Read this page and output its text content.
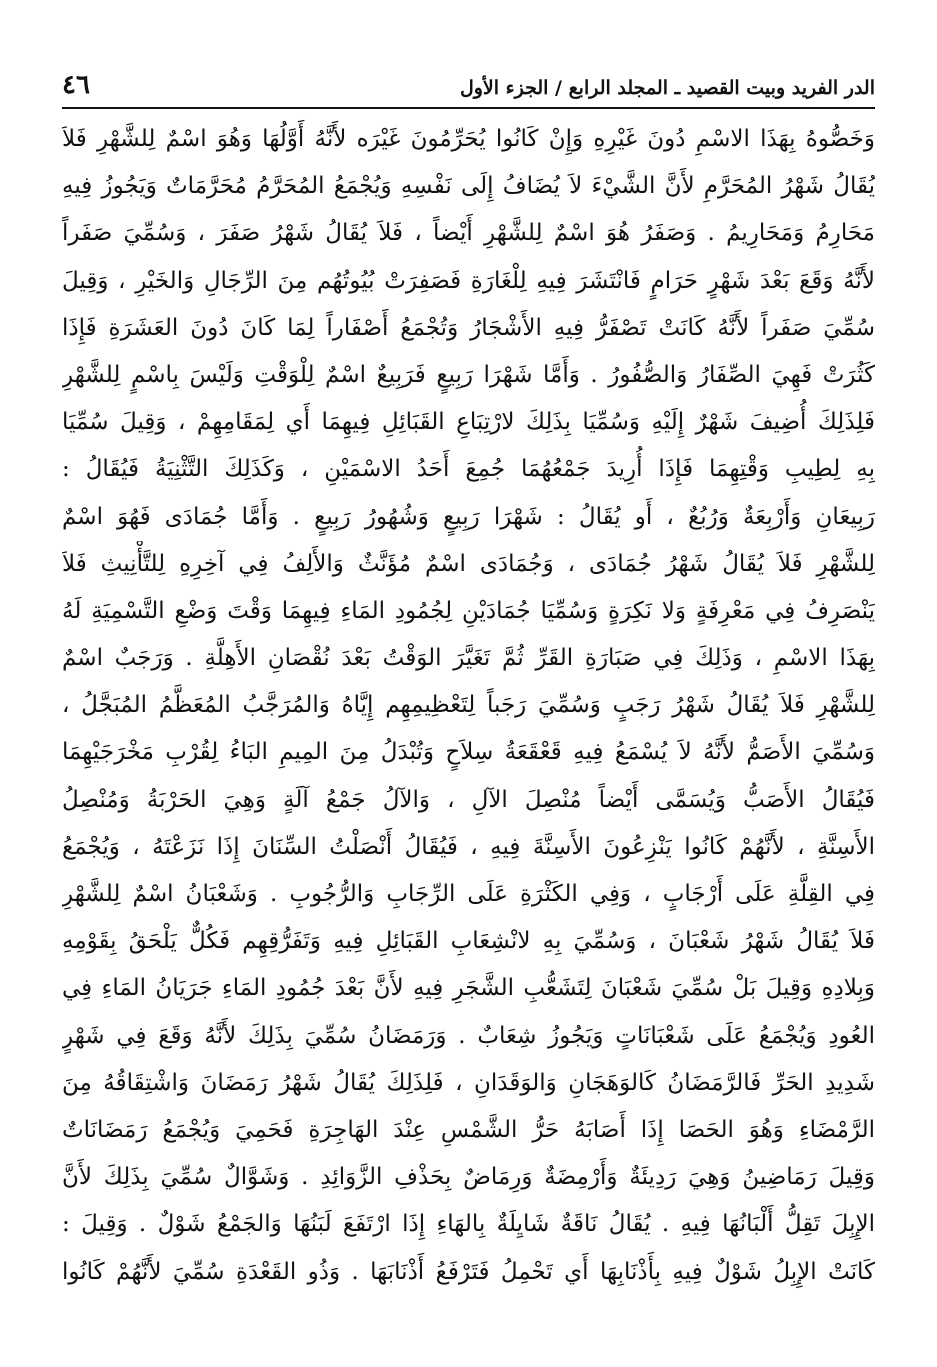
الدر الفريد وبيت القصيد ـ المجلد الرابع / الجزء الأول
٤٦
وَخَصُّوهُ بِهَذَا الاسْمِ دُونَ غَيْرِهِ وَإِنْ كَانُوا يُحَرِّمُونَ غَيْرَه لأَنَّهُ أَوَّلُهَا وَهُوَ اسْمٌ لِلشَّهْرِ فَلاَ
يُقَالُ شَهْرُ المُحَرَّمِ لأَنَّ الشَّيْءَ لاَ يُضَافُ إِلَى نَفْسِهِ وَيُجْمَعُ المُحَرَّمُ مُحَرَّمَاتٌ وَيَجُوزُ فِيهِ
مَحَارِمُ وَمَحَارِيمُ . وَصَفَرُ هُوَ اسْمٌ لِلشَّهْرِ أَيْضاً ، فَلاَ يُقَالُ شَهْرُ صَفَرَ ، وَسُمِّيَ صَفَراً
لأَنَّهُ وَقَعَ بَعْدَ شَهْرٍ حَرَامٍ فَانْتَشَرَ فِيهِ لِلْغَارَةِ فَصَفِرَتْ بُيُوتُهُم مِنَ الرِّجَالِ وَالخَيْرِ ، وَقِيلَ
سُمِّيَ صَفَراً لأَنَّهُ كَانَتْ تَصْفَرُّ فِيهِ الأَشْجَارُ وَتُجْمَعُ أَصْفَاراً لِمَا كَانَ دُونَ العَشَرَةِ فَإِذَا
كَثُرَتْ فَهِيَ الصِّفَارُ وَالصُّفُورُ . وَأَمَّا شَهْرَا رَبِيعٍ فَرَبِيعٌ اسْمٌ لِلْوَقْتِ وَلَيْسَ بِاسْمٍ لِلشَّهْرِ
فَلِذَلِكَ أُضِيفَ شَهْرٌ إِلَيْهِ وَسُمِّيَا بِذَلِكَ لارْتِبَاعِ القَبَائِلِ فِيهِمَا أَي لِمَقَامِهِمْ ، وَقِيلَ سُمِّيَا
بِهِ لِطِيبِ وَقْتِهِمَا فَإِذَا أُرِيدَ جَمْعُهُمَا جُمِعَ أَحَدُ الاسْمَيْنِ ، وَكَذَلِكَ التَّثْنِيَةُ فَيُقَالُ :
رَبِيعَانِ وَأَرْبِعَةٌ وَرُبُعٌ ، أَو يُقَالُ : شَهْرَا رَبِيعٍ وَشُهُورُ رَبِيعٍ . وَأَمَّا جُمَادَى فَهُوَ اسْمٌ
لِلشَّهْرِ فَلاَ يُقَالُ شَهْرُ جُمَادَى ، وَجُمَادَى اسْمٌ مُؤَنَّثٌ وَالأَلِفُ فِي آخِرِهِ لِلتَّأْنِيثِ فَلاَ
يَنْصَرِفُ فِي مَعْرِفَةٍ وَلا نَكِرَةٍ وَسُمِّيَا جُمَادَيْنِ لِجُمُودِ المَاءِ فِيهِمَا وَقْتَ وَضْعِ التَّسْمِيَةِ لَهُ
بِهَذَا الاسْمِ ، وَذَلِكَ فِي صَبَارَةِ القَرِّ ثُمَّ تَغَيَّرَ الوَقْتُ بَعْدَ نُقْصَانِ الأَهِلَّةِ . وَرَجَبٌ اسْمٌ
لِلشَّهْرِ فَلاَ يُقَالُ شَهْرُ رَجَبٍ وَسُمِّيَ رَجَباً لِتَعْظِيمِهِم إِيَّاهُ وَالمُرَجَّبُ المُعَظَّمُ المُبَجَّلُ ،
وَسُمِّيَ الأَصَمُّ لأَنَّهُ لاَ يُسْمَعُ فِيهِ قَعْقَعَةُ سِلاَحٍ وَتُبْدَلُ مِنَ المِيمِ البَاءُ لِقُرْبِ مَخْرَجَيْهِمَا
فَيُقَالُ الأَصَبُّ وَيُسَمَّى أَيْضاً مُنْصِلَ الآلِ ، وَالآلُ جَمْعُ آلَةٍ وَهِيَ الحَرْبَةُ وَمُنْصِلُ
الأَسِنَّةِ ، لأَنَّهُمْ كَانُوا يَنْزِعُونَ الأَسِنَّةَ فِيهِ ، فَيُقَالُ أَنْصَلْتُ السِّنَانَ إِذَا نَزَعْتَهُ ، وَيُجْمَعُ
فِي القِلَّةِ عَلَى أَرْجَابٍ ، وَفِي الكَثْرَةِ عَلَى الرِّجَابِ وَالرُّجُوبِ . وَشَعْبَانُ اسْمٌ لِلشَّهْرِ
فَلاَ يُقَالُ شَهْرُ شَعْبَانَ ، وَسُمِّيَ بِهِ لانْشِعَابِ القَبَائِلِ فِيهِ وَتَفَرُّقِهِم فَكُلٌّ يَلْحَقُ بِقَوْمِهِ
وَبِلادِهِ وَقِيلَ بَلْ سُمِّيَ شَعْبَانَ لِتَشَعُّبِ الشَّجَرِ فِيهِ لأَنَّ بَعْدَ جُمُودِ المَاءِ جَرَيَانُ المَاءِ فِي
العُودِ وَيُجْمَعُ عَلَى شَعْبَانَاتٍ وَيَجُوزُ شِعَابٌ . وَرَمَضَانُ سُمِّيَ بِذَلِكَ لأَنَّهُ وَقَعَ فِي شَهْرٍ
شَدِيدِ الحَرِّ فَالرَّمَضَانُ كَالوَهَجَانِ وَالوَقَدَانِ ، فَلِذَلِكَ يُقَالُ شَهْرُ رَمَضَانَ وَاشْتِقَاقُهُ مِنَ
الرَّمْضَاءِ وَهُوَ الحَصَا إِذَا أَصَابَهُ حَرُّ الشَّمْسِ عِنْدَ الهَاجِرَةِ فَحَمِيَ وَيُجْمَعُ رَمَضَانَاتٌ
وَقِيلَ رَمَاضِينُ وَهِيَ رَدِيئَةٌ وَأَرْمِضَةٌ وَرِمَاضٌ بِحَذْفِ الزَّوَائِدِ . وَشَوَّالٌ سُمِّيَ بِذَلِكَ لأَنَّ
الإِبِلَ تَقِلُّ أَلْبَانُهَا فِيهِ . يُقَالُ نَاقَةٌ شَايِلَةٌ بِالهَاءِ إِذَا ارْتَفَعَ لَبَنُهَا وَالجَمْعُ شَوْلٌ . وَقِيلَ :
كَانَتْ الإِبِلُ شَوْلٌ فِيهِ بِأَذْنَابِهَا أَي تَحْمِلُ فَتَرْفَعُ أَذْنَابَهَا . وَذُو القَعْدَةِ سُمِّيَ لأَنَّهُمْ كَانُوا
